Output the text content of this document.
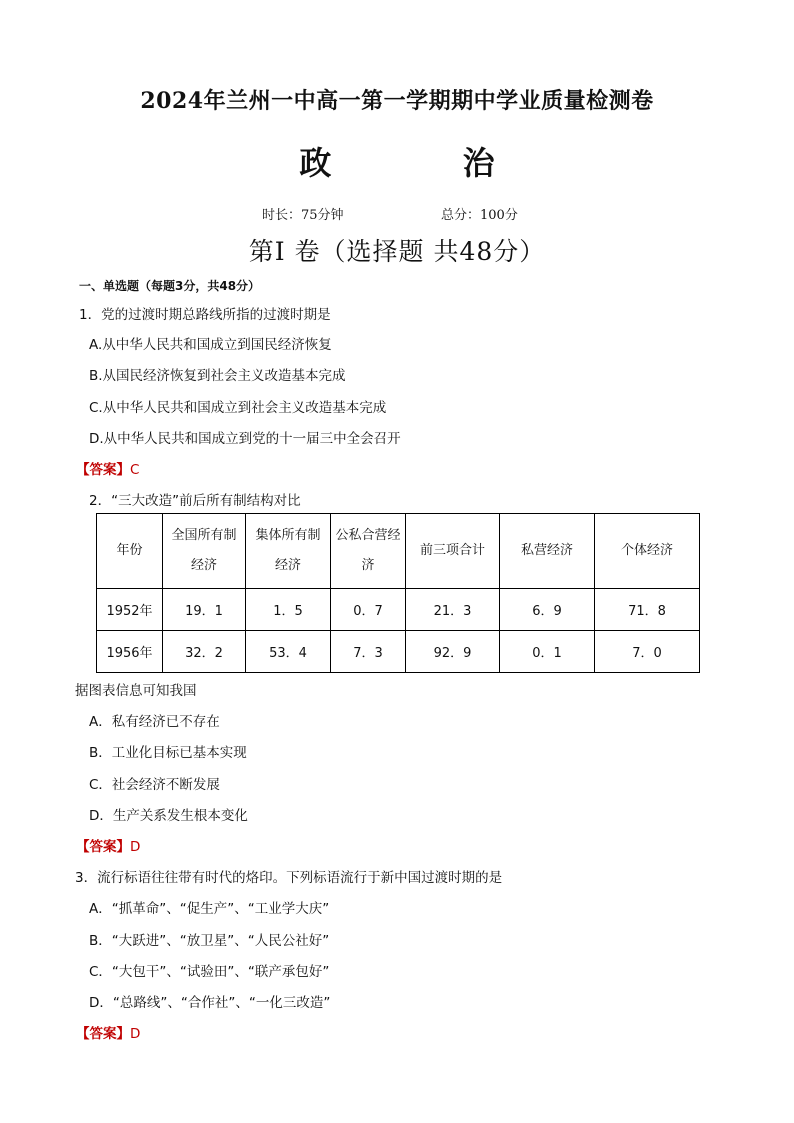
2024年兰州一中高一第一学期期中学业质量检测卷
政 治
时长：75分钟	总分：100分
第I 卷（选择题 共48分）
一、单选题（每题3分，共48分）
1．党的过渡时期总路线所指的过渡时期是
A.从中华人民共和国成立到国民经济恢复
B.从国民经济恢复到社会主义改造基本完成
C.从中华人民共和国成立到社会主义改造基本完成
D.从中华人民共和国成立到党的十一届三中全会召开
【答案】C
2．“三大改造”前后所有制结构对比
年份	全国所有制经济	集体所有制经济	公私合营经济	前三项合计	私营经济	个体经济
1952年	19．1	1．5	0．7	21．3	6．9	71．8
1956年	32．2	53．4	7．3	92．9	0．1	7．0
据图表信息可知我国
A．私有经济已不存在
B．工业化目标已基本实现
C．社会经济不断发展
D．生产关系发生根本变化
【答案】D
3．流行标语往往带有时代的烙印。下列标语流行于新中国过渡时期的是
A．“抓革命”、“促生产”、“工业学大庆”
B．“大跃进”、“放卫星”、“人民公社好”
C．“大包干”、“试验田”、“联产承包好”
D．“总路线”、“合作社”、“一化三改造”
【答案】D
